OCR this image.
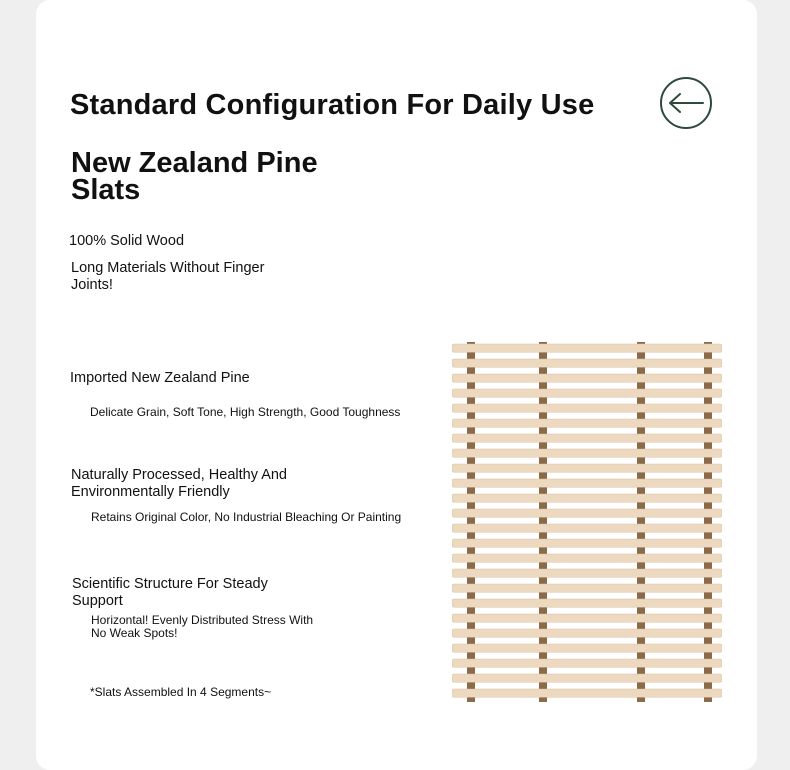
Standard Configuration For Daily Use
New Zealand Pine Slats
100% Solid Wood
Long Materials Without Finger Joints!
Imported New Zealand Pine
Delicate Grain, Soft Tone, High Strength, Good Toughness
Naturally Processed, Healthy And Environmentally Friendly
Retains Original Color, No Industrial Bleaching Or Painting
Scientific Structure For Steady Support
Horizontal! Evenly Distributed Stress With No Weak Spots!
*Slats Assembled In 4 Segments~
